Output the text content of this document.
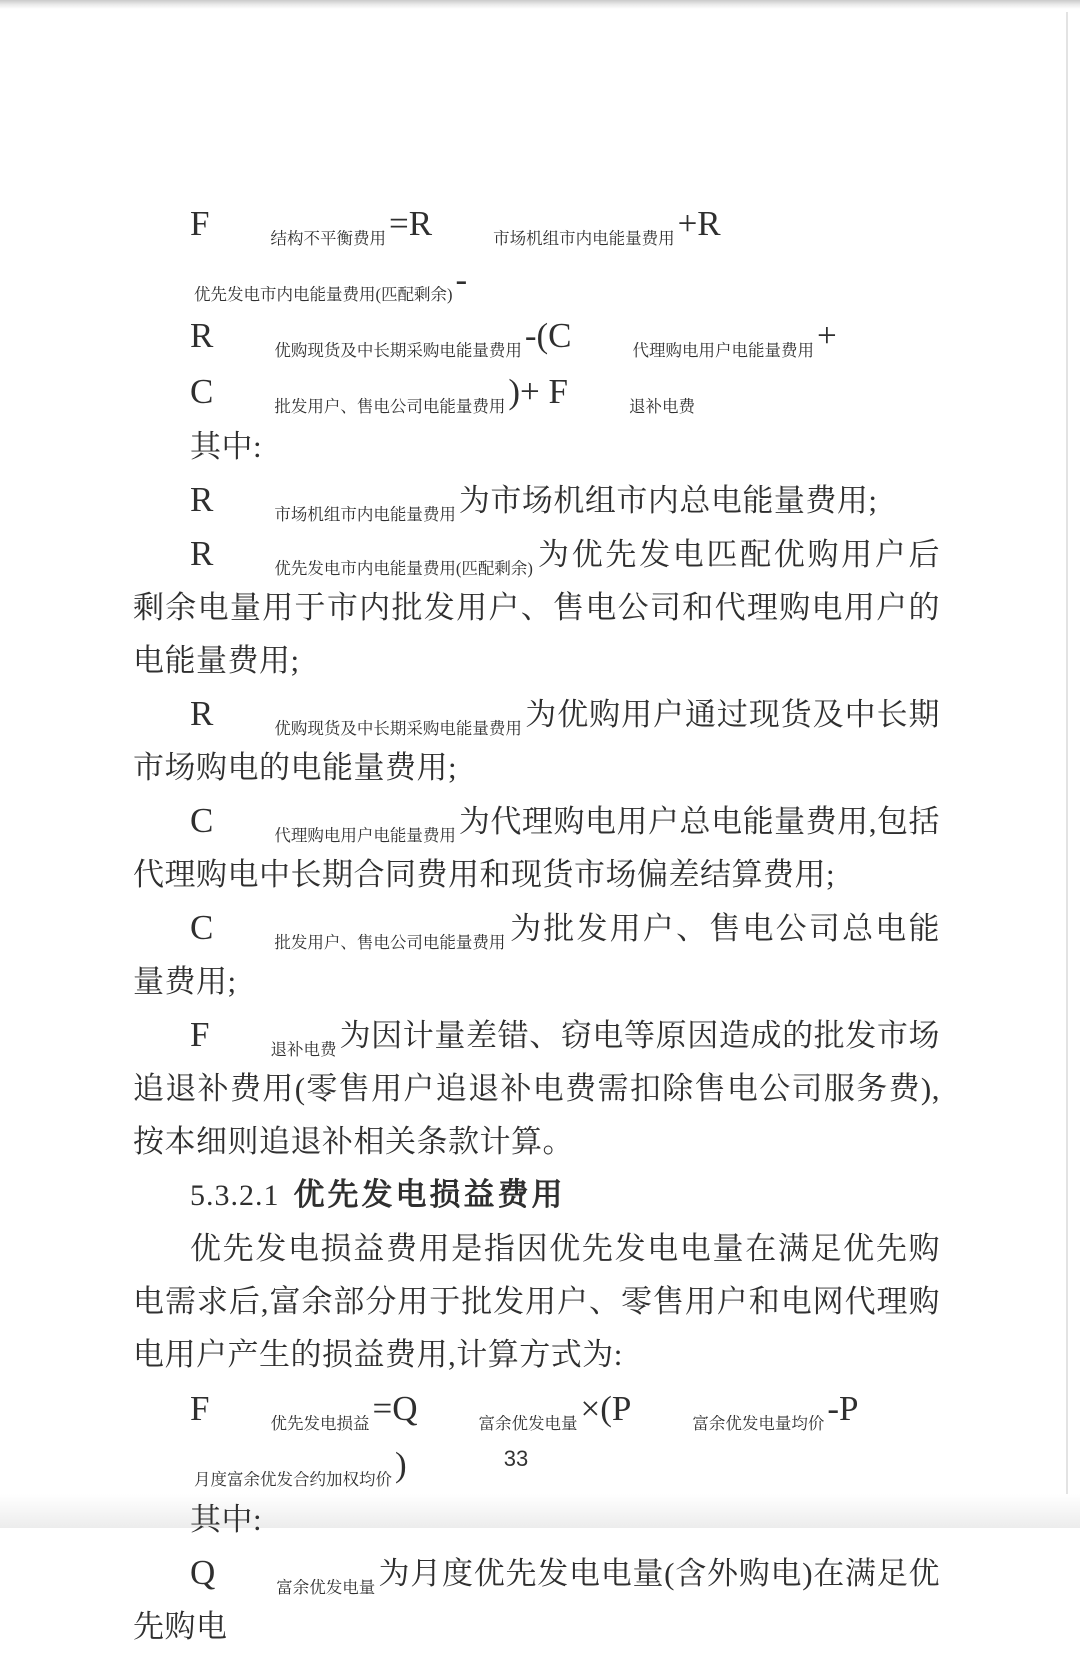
F	结构不平衡费用=R	市场机组市内电能量费用+R优先发电市内电能量费用(匹配剩余)-

R	优购现货及中长期采购电能量费用-(C	代理购电用户电能量费用+

C	批发用户、售电公司电能量费用)+ F	退补电费

其中:

R	市场机组市内电能量费用为市场机组市内总电能量费用;

R	优先发电市内电能量费用(匹配剩余)为优先发电匹配优购用户后剩余电量用于市内批发用户、售电公司和代理购电用户的电能量费用;

R	优购现货及中长期采购电能量费用为优购用户通过现货及中长期市场购电的电能量费用;

C	代理购电用户电能量费用为代理购电用户总电能量费用,包括代理购电中长期合同费用和现货市场偏差结算费用;

C	批发用户、售电公司电能量费用为批发用户、售电公司总电能量费用;

F	退补电费为因计量差错、窃电等原因造成的批发市场追退补费用(零售用户追退补电费需扣除售电公司服务费),按本细则追退补相关条款计算。

5.3.2.1 优先发电损益费用

优先发电损益费用是指因优先发电电量在满足优先购电需求后,富余部分用于批发用户、零售用户和电网代理购电用户产生的损益费用,计算方式为:

F	优先发电损益=Q	富余优发电量×(P	富余优发电量均价-P月度富余优发合约加权均价)

其中:

Q	富余优发电量为月度优先发电电量(含外购电)在满足优先购电

33
